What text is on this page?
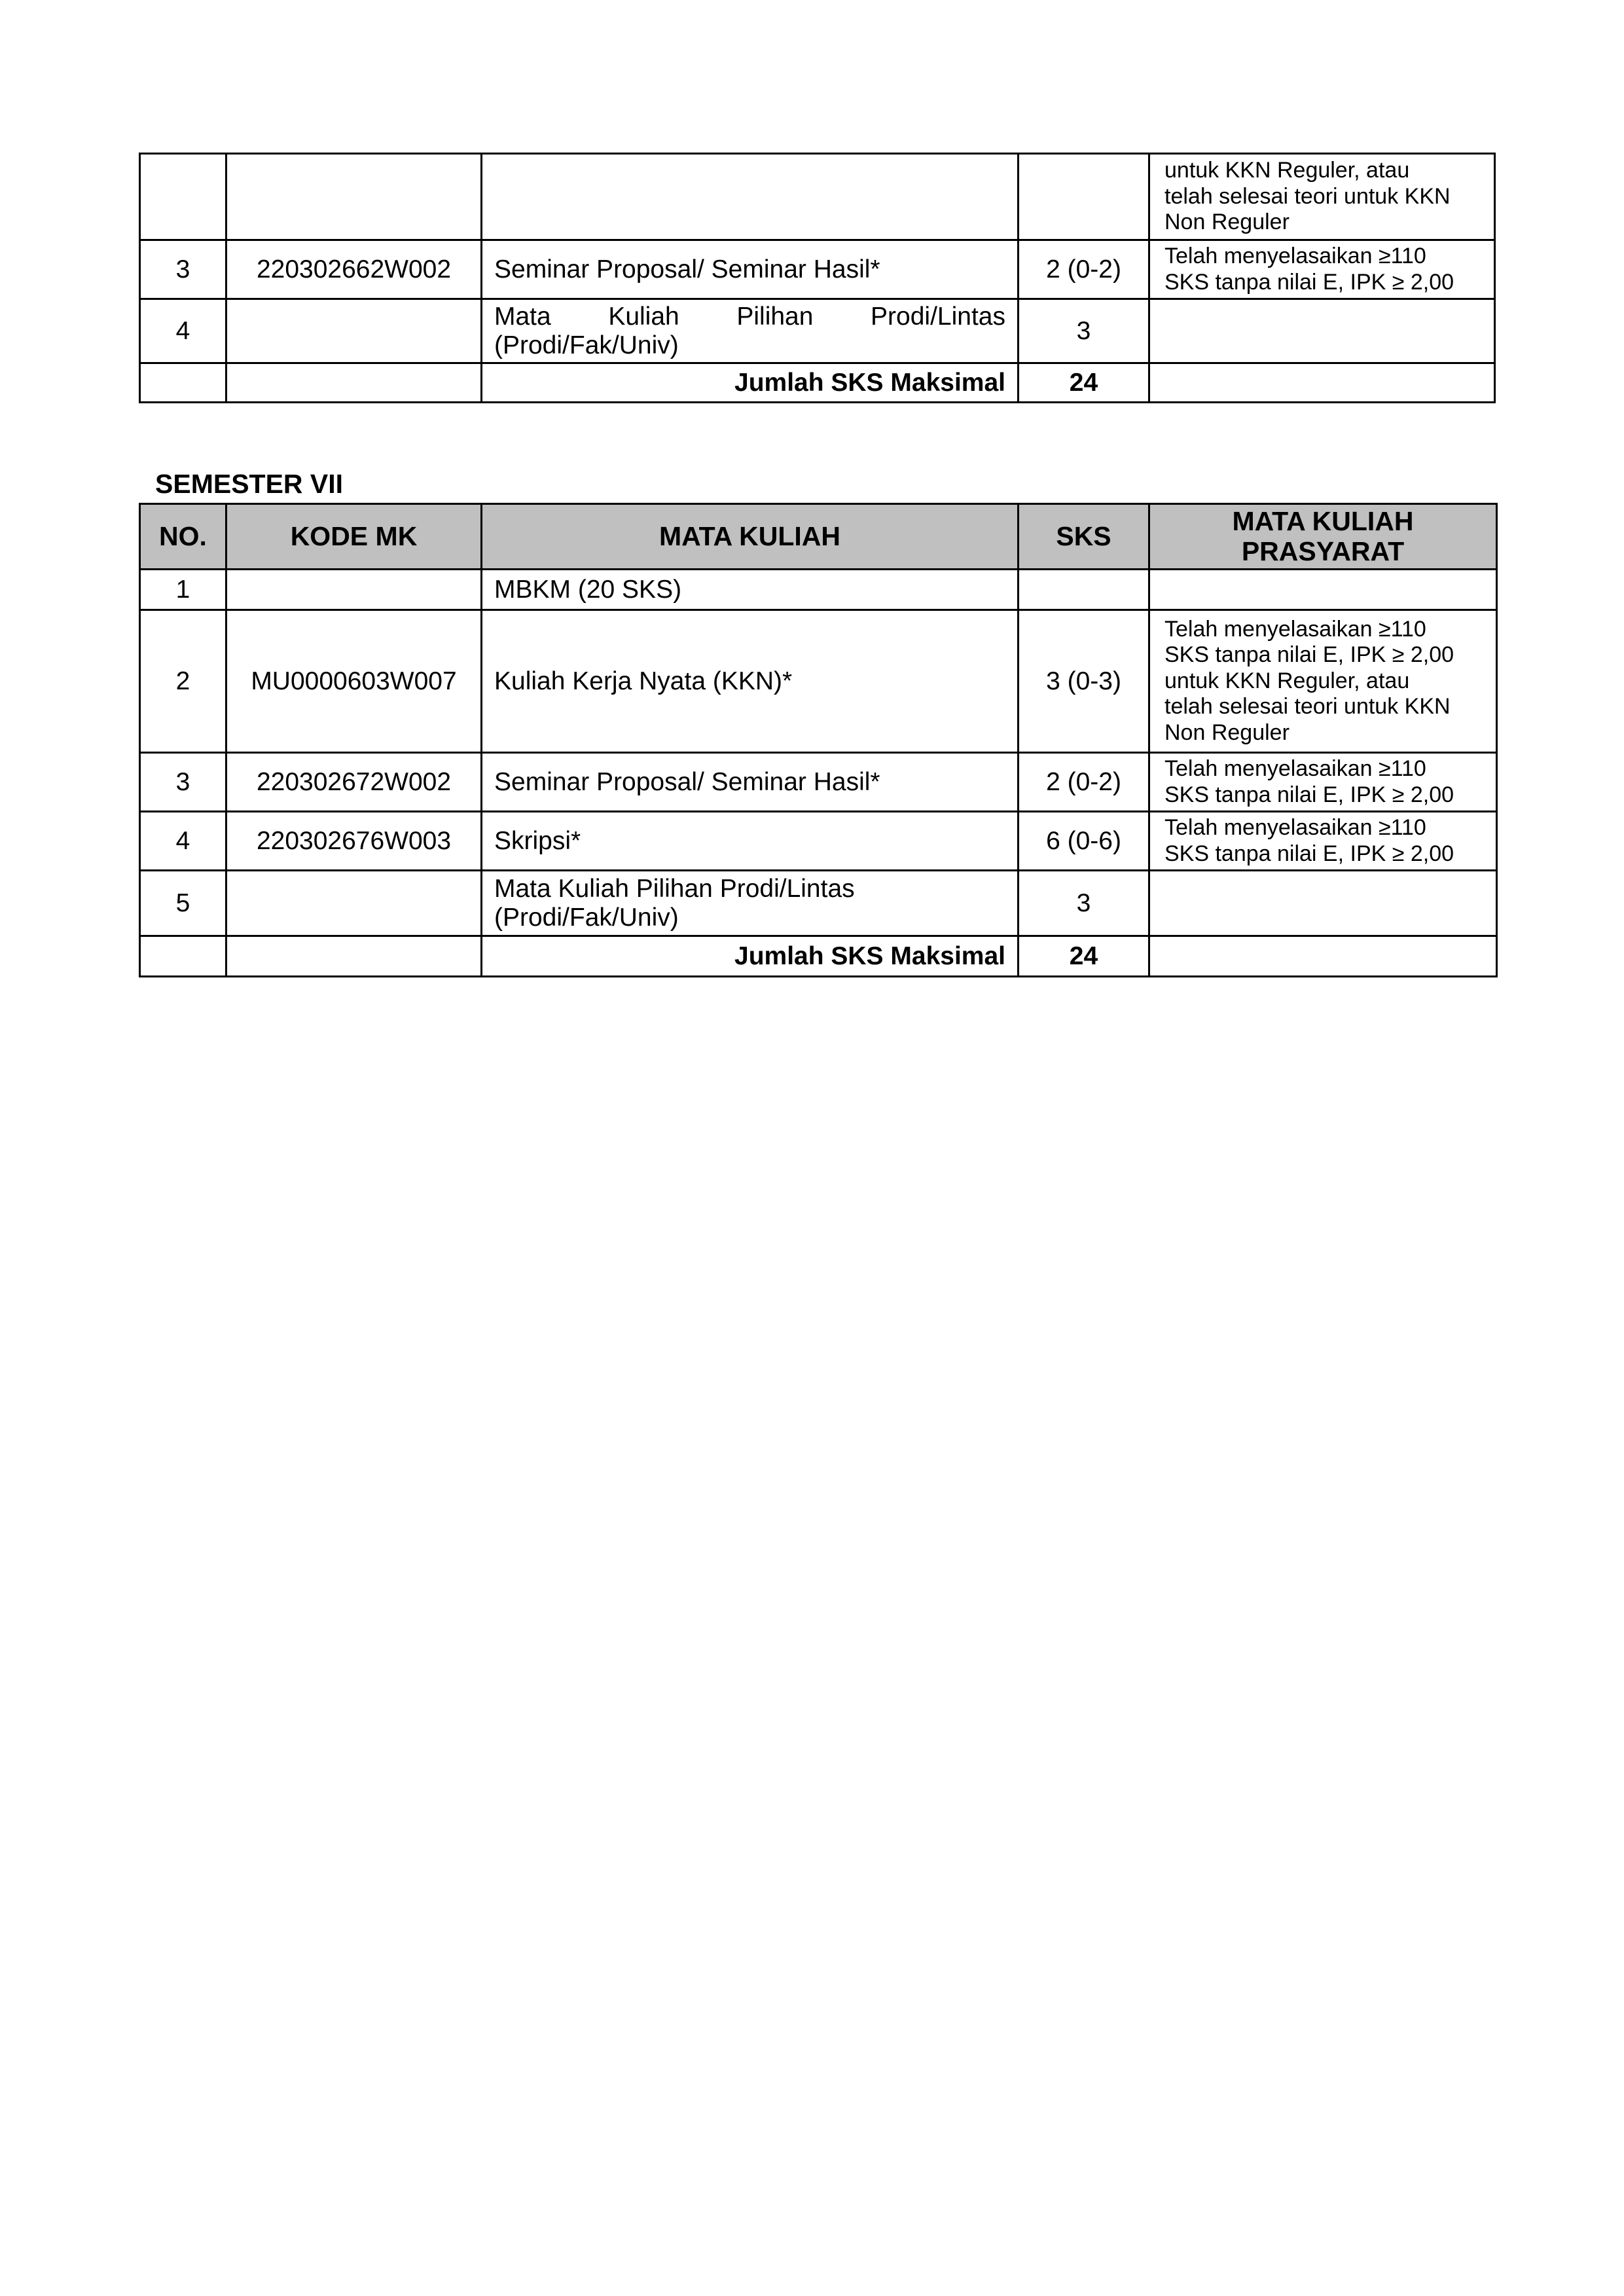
				untuk KKN Reguler, atau
telah selesai teori untuk KKN
Non Reguler

3	220302662W002	Seminar Proposal/ Seminar Hasil*	2 (0-2)	Telah menyelasaikan ≥110
SKS tanpa nilai E, IPK ≥ 2,00

4		Mata Kuliah Pilihan Prodi/Lintas
(Prodi/Fak/Univ)	3	
		Jumlah SKS Maksimal	24	
SEMESTER VII
NO.	KODE MK	MATA KULIAH	SKS	MATA KULIAH PRASYARAT
1		MBKM (20 SKS)		
2	MU0000603W007	Kuliah Kerja Nyata (KKN)*	3 (0-3)	Telah menyelasaikan ≥110
SKS tanpa nilai E, IPK ≥ 2,00
untuk KKN Reguler, atau
telah selesai teori untuk KKN
Non Reguler

3	220302672W002	Seminar Proposal/ Seminar Hasil*	2 (0-2)	Telah menyelasaikan ≥110
SKS tanpa nilai E, IPK ≥ 2,00

4	220302676W003	Skripsi*	6 (0-6)	Telah menyelasaikan ≥110
SKS tanpa nilai E, IPK ≥ 2,00

5		Mata Kuliah Pilihan Prodi/Lintas
(Prodi/Fak/Univ)	3	
		Jumlah SKS Maksimal	24	
